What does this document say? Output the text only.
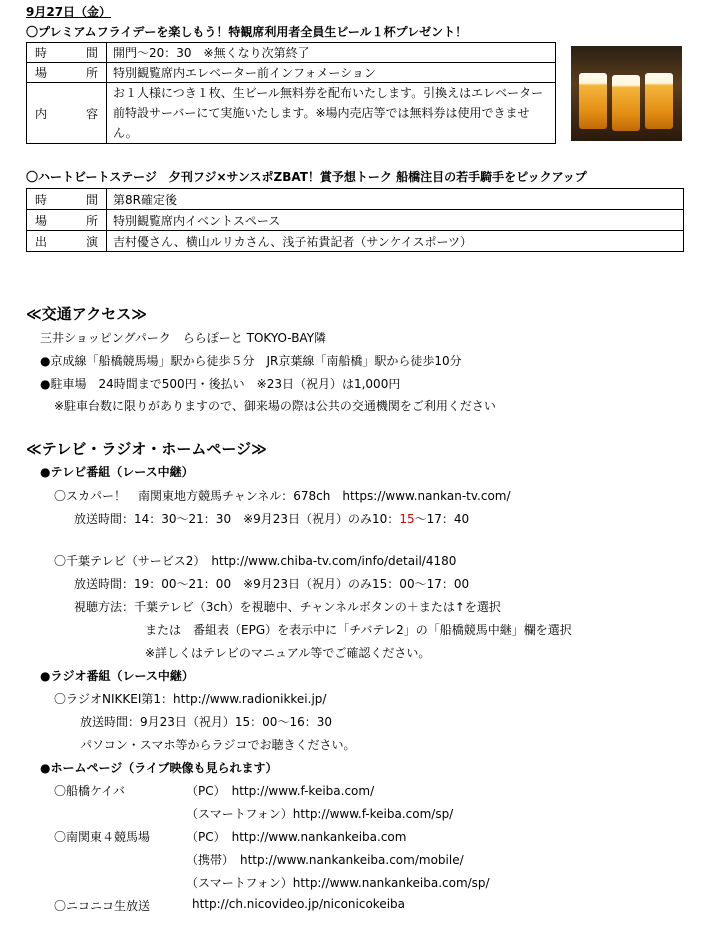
9月27日（金）
〇プレミアムフライデーを楽しもう！特観席利用者全員生ビール１杯プレゼント！
時 間	開門～20：30　※無くなり次第終了

場 所	特別観覧席内エレベーター前インフォメーション

内 容	お１人様につき１枚、生ビール無料券を配布いたします。引換えはエレベーター前特設サーバーにて実施いたします。※場内売店等では無料券は使用できません。
〇ハートビートステージ　夕刊フジ×サンスポZBAT！賞予想トーク 船橋注目の若手騎手をピックアップ
時 間	第8R確定後

場 所	特別観覧席内イベントスペース

出 演	吉村優さん、横山ルリカさん、浅子祐貴記者（サンケイスポーツ）
≪交通アクセス≫
三井ショッピングパーク　ららぽーと TOKYO-BAY隣
●京成線「船橋競馬場」駅から徒歩５分　JR京葉線「南船橋」駅から徒歩10分
●駐車場　24時間まで500円・後払い　※23日（祝月）は1,000円
※駐車台数に限りがありますので、御来場の際は公共の交通機関をご利用ください
≪テレビ・ラジオ・ホームページ≫
●テレビ番組（レース中継）
〇スカパー！　南関東地方競馬チャンネル：678ch　https://www.nankan-tv.com/
放送時間：14：30～21：30　※9月23日（祝月）のみ10：15～17：40
〇千葉テレビ（サービス2）　http://www.chiba-tv.com/info/detail/4180
放送時間：19：00～21：00　※9月23日（祝月）のみ15：00～17：00
視聴方法：千葉テレビ（3ch）を視聴中、チャンネルボタンの＋または↑を選択
または　番組表（EPG）を表示中に「チバテレ2」の「船橋競馬中継」欄を選択
※詳しくはテレビのマニュアル等でご確認ください。
●ラジオ番組（レース中継）
〇ラジオNIKKEI第1：http://www.radionikkei.jp/
放送時間：9月23日（祝月）15：00～16：30
パソコン・スマホ等からラジコでお聴きください。
●ホームページ（ライブ映像も見られます）
〇船橋ケイバ	（PC）　http://www.f-keiba.com/
（スマートフォン）http://www.f-keiba.com/sp/
〇南関東４競馬場	（PC）　http://www.nankankeiba.com
（携帯）　http://www.nankankeiba.com/mobile/
（スマートフォン）http://www.nankankeiba.com/sp/
〇ニコニコ生放送	http://ch.nicovideo.jp/niconicokeiba
